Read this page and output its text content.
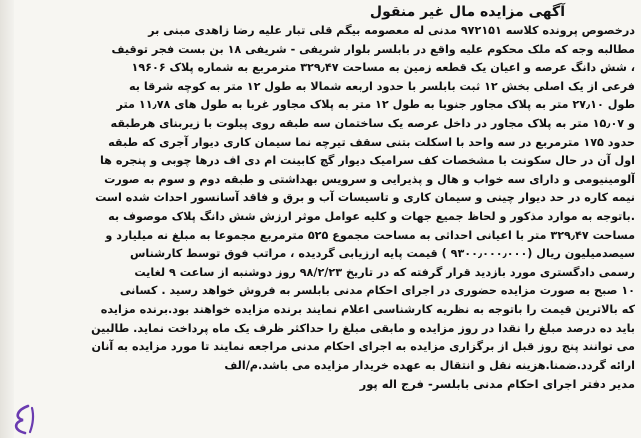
آگهی مزایده مال غیر منقول
درخصوص پرونده کلاسه ۹۷۲۱۵۱ مدنی له معصومه بیگم قلی تبار علیه رضا زاهدی مبنی بر
مطالبه وجه که ملک محکوم علیه واقع در بابلسر بلوار شریفی - شریفی ۱۸ بن بست فجر توقیف
، شش دانگ عرصه و اعیان یک قطعه زمین به مساحت ۳۲۹٫۴۷ مترمربع به شماره پلاک ۱۹۶۰۶
فرعی از یک اصلی بخش ۱۲ ثبت بابلسر با حدود اربعه شمالا به طول ۱۲ متر به کوچه شرقا به
طول ۲۷٫۱۰ متر به پلاک مجاور جنوبا به طول ۱۲ متر به پلاک مجاور غربا به طول های ۱۱٫۷۸ متر
و ۱۵٫۰۷ متر به پلاک مجاور در داخل عرصه یک ساختمان سه طبقه روی پیلوت با زیربنای هرطبقه
حدود ۱۷۵ مترمربع در سه واحد با اسکلت بتنی سقف تیرچه نما سیمان کاری دیوار آجری که طبقه
اول آن در حال سکونت با مشخصات کف سرامیک دیوار گچ کابینت ام دی اف درها چوبی و پنجره ها
آلومینیومی و دارای سه خواب و هال و پذیرایی و سرویس بهداشتی و طبقه دوم و سوم به صورت
نیمه کاره در حد دیوار چینی و سیمان کاری و تاسیسات آب و برق و فاقد آسانسور احداث شده است
.باتوجه به موارد مذکور و لحاظ جمیع جهات و کلیه عوامل موثر ارزش شش دانگ پلاک موصوف به
مساحت ۳۲۹٫۴۷ متر با اعیانی احداثی به مساحت مجموع ۵۲۵ مترمربع مجموعا به مبلغ نه میلیارد و
سیصدمیلیون ریال (۹۳۰۰٫۰۰۰٫۰۰۰ ) قیمت پایه ارزیابی گردیده ، مراتب فوق توسط کارشناس
رسمی دادگستری مورد بازدید قرار گرفته که در تاریخ ۹۸/۲/۲۳ روز دوشنبه از ساعت ۹ لغایت
۱۰ صبح به صورت مزایده حضوری در اجرای احکام مدنی بابلسر به فروش خواهد رسید . کسانی
که بالاترین قیمت را باتوجه به نظریه کارشناسی اعلام نمایند برنده مزایده خواهند بود.برنده مزایده
باید ده درصد مبلغ را نقدا در روز مزایده و مابقی مبلغ را حداکثر ظرف یک ماه پرداخت نماید. طالبین
می توانند پنج روز قبل از برگزاری مزایده به اجرای احکام مدنی مراجعه نمایند تا مورد مزایده به آنان
ارائه گردد.ضمنا.هزینه نقل و انتقال به عهده خریدار مزایده می باشد.م/الف
مدیر دفتر اجرای احکام مدنی بابلسر- فرج اله پور
